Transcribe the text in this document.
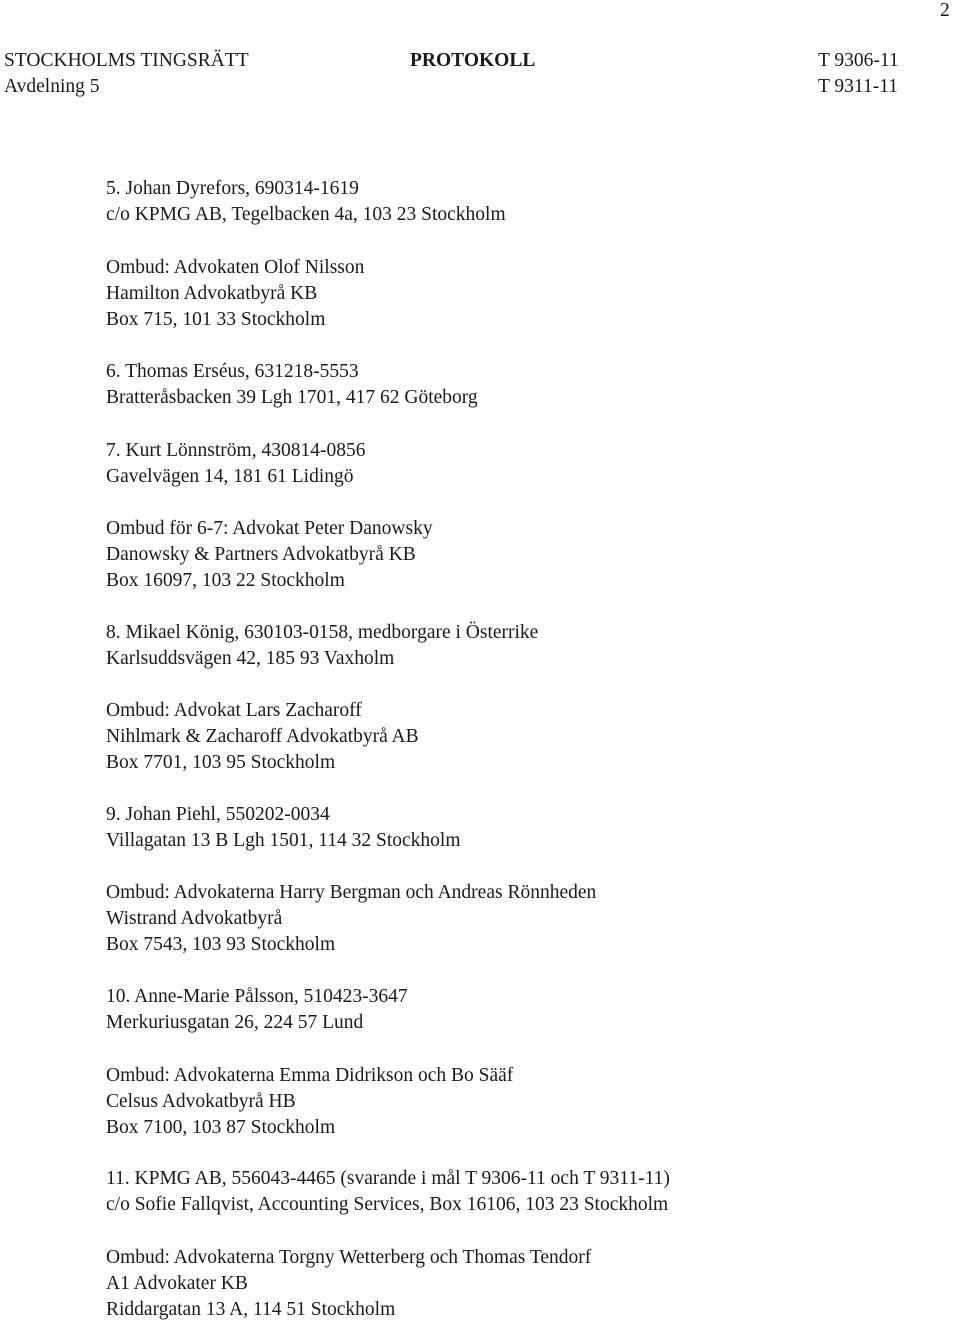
2
STOCKHOLMS TINGSRÄTT
Avdelning 5
PROTOKOLL	T 9306-11
T 9311-11
5. Johan Dyrefors, 690314-1619
c/o KPMG AB, Tegelbacken 4a, 103 23 Stockholm
Ombud: Advokaten Olof Nilsson
Hamilton Advokatbyrå KB
Box 715, 101 33 Stockholm
6. Thomas Erséus, 631218-5553
Bratteråsbacken 39 Lgh 1701, 417 62 Göteborg
7. Kurt Lönnström, 430814-0856
Gavelvägen 14, 181 61 Lidingö
Ombud för 6-7: Advokat Peter Danowsky
Danowsky & Partners Advokatbyrå KB
Box 16097, 103 22 Stockholm
8. Mikael König, 630103-0158, medborgare i Österrike
Karlsuddsvägen 42, 185 93 Vaxholm
Ombud: Advokat Lars Zacharoff
Nihlmark & Zacharoff Advokatbyrå AB
Box 7701, 103 95 Stockholm
9. Johan Piehl, 550202-0034
Villagatan 13 B Lgh 1501, 114 32 Stockholm
Ombud: Advokaterna Harry Bergman och Andreas Rönnheden
Wistrand Advokatbyrå
Box 7543, 103 93 Stockholm
10. Anne-Marie Pålsson, 510423-3647
Merkuriusgatan 26, 224 57 Lund
Ombud: Advokaterna Emma Didrikson och Bo Sääf
Celsus Advokatbyrå HB
Box 7100, 103 87 Stockholm
11. KPMG AB, 556043-4465 (svarande i mål T 9306-11 och T 9311-11)
c/o Sofie Fallqvist, Accounting Services, Box 16106, 103 23 Stockholm
Ombud: Advokaterna Torgny Wetterberg och Thomas Tendorf
A1 Advokater KB
Riddargatan 13 A, 114 51 Stockholm
